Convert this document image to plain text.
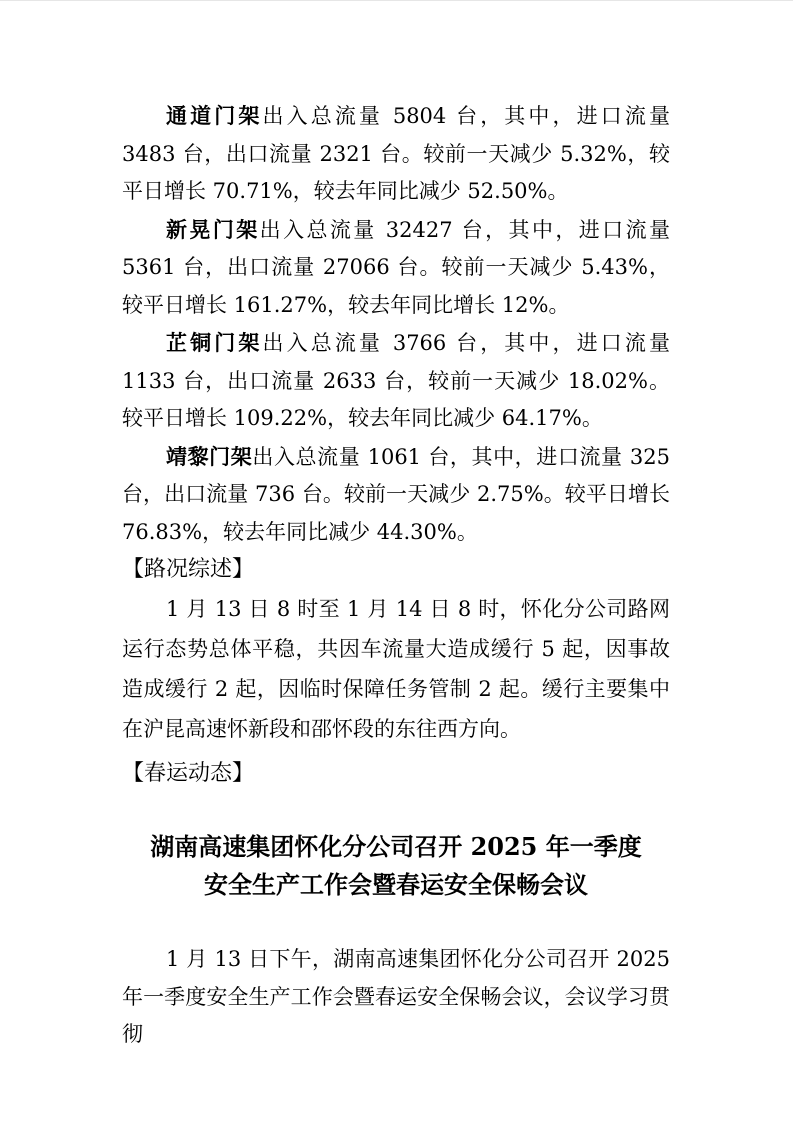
通道门架出入总流量 5804 台，其中，进口流量 3483 台，出口流量 2321 台。较前一天减少 5.32%，较平日增长 70.71%，较去年同比减少 52.50%。

新晃门架出入总流量 32427 台，其中，进口流量 5361 台，出口流量 27066 台。较前一天减少 5.43%，较平日增长 161.27%，较去年同比增长 12%。

芷铜门架出入总流量 3766 台，其中，进口流量 1133 台，出口流量 2633 台，较前一天减少 18.02%。较平日增长 109.22%，较去年同比减少 64.17%。

靖黎门架出入总流量 1061 台，其中，进口流量 325 台，出口流量 736 台。较前一天减少 2.75%。较平日增长 76.83%，较去年同比减少 44.30%。

【路况综述】

1 月 13 日 8 时至 1 月 14 日 8 时，怀化分公司路网运行态势总体平稳，共因车流量大造成缓行 5 起，因事故造成缓行 2 起，因临时保障任务管制 2 起。缓行主要集中在沪昆高速怀新段和邵怀段的东往西方向。

【春运动态】
湖南高速集团怀化分公司召开 2025 年一季度
安全生产工作会暨春运安全保畅会议

1 月 13 日下午，湖南高速集团怀化分公司召开 2025 年一季度安全生产工作会暨春运安全保畅会议，会议学习贯彻
